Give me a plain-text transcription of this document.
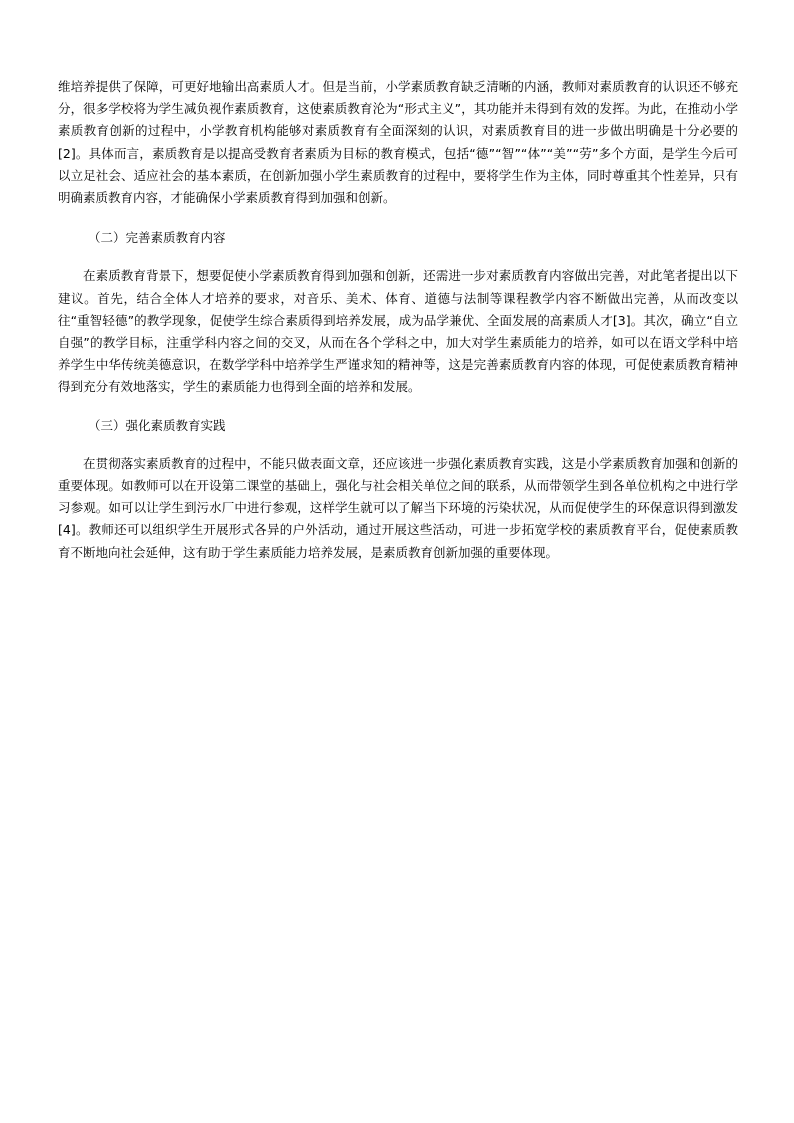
维培养提供了保障，可更好地输出高素质人才。但是当前，小学素质教育缺乏清晰的内涵，教师对素质教育的认识还不够充分，很多学校将为学生减负视作素质教育，这使素质教育沦为“形式主义”，其功能并未得到有效的发挥。为此，在推动小学素质教育创新的过程中，小学教育机构能够对素质教育有全面深刻的认识，对素质教育目的进一步做出明确是十分必要的[2]。具体而言，素质教育是以提高受教育者素质为目标的教育模式，包括“德”“智”“体”“美”“劳”多个方面，是学生今后可以立足社会、适应社会的基本素质，在创新加强小学生素质教育的过程中，要将学生作为主体，同时尊重其个性差异，只有明确素质教育内容，才能确保小学素质教育得到加强和创新。

（二）完善素质教育内容

在素质教育背景下，想要促使小学素质教育得到加强和创新，还需进一步对素质教育内容做出完善，对此笔者提出以下建议。首先，结合全体人才培养的要求，对音乐、美术、体育、道德与法制等课程教学内容不断做出完善，从而改变以往“重智轻德”的教学现象，促使学生综合素质得到培养发展，成为品学兼优、全面发展的高素质人才[3]。其次，确立“自立自强”的教学目标，注重学科内容之间的交叉，从而在各个学科之中，加大对学生素质能力的培养，如可以在语文学科中培养学生中华传统美德意识，在数学学科中培养学生严谨求知的精神等，这是完善素质教育内容的体现，可促使素质教育精神得到充分有效地落实，学生的素质能力也得到全面的培养和发展。

（三）强化素质教育实践

在贯彻落实素质教育的过程中，不能只做表面文章，还应该进一步强化素质教育实践，这是小学素质教育加强和创新的重要体现。如教师可以在开设第二课堂的基础上，强化与社会相关单位之间的联系，从而带领学生到各单位机构之中进行学习参观。如可以让学生到污水厂中进行参观，这样学生就可以了解当下环境的污染状况，从而促使学生的环保意识得到激发[4]。教师还可以组织学生开展形式各异的户外活动，通过开展这些活动，可进一步拓宽学校的素质教育平台，促使素质教育不断地向社会延伸，这有助于学生素质能力培养发展，是素质教育创新加强的重要体现。
